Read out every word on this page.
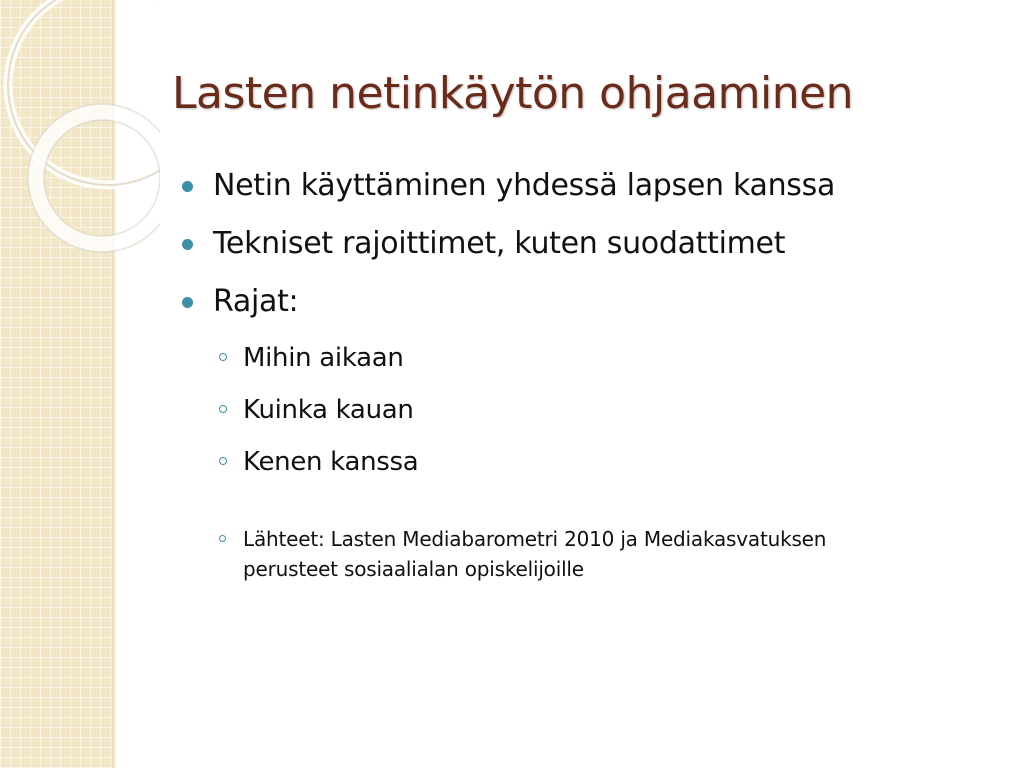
Lasten netinkäytön ohjaaminen
Netin käyttäminen yhdessä lapsen kanssa
Tekniset rajoittimet, kuten suodattimet
Rajat:
Mihin aikaan
Kuinka kauan
Kenen kanssa
Lähteet: Lasten Mediabarometri 2010 ja Mediakasvatuksen
perusteet sosiaalialan opiskelijoille
